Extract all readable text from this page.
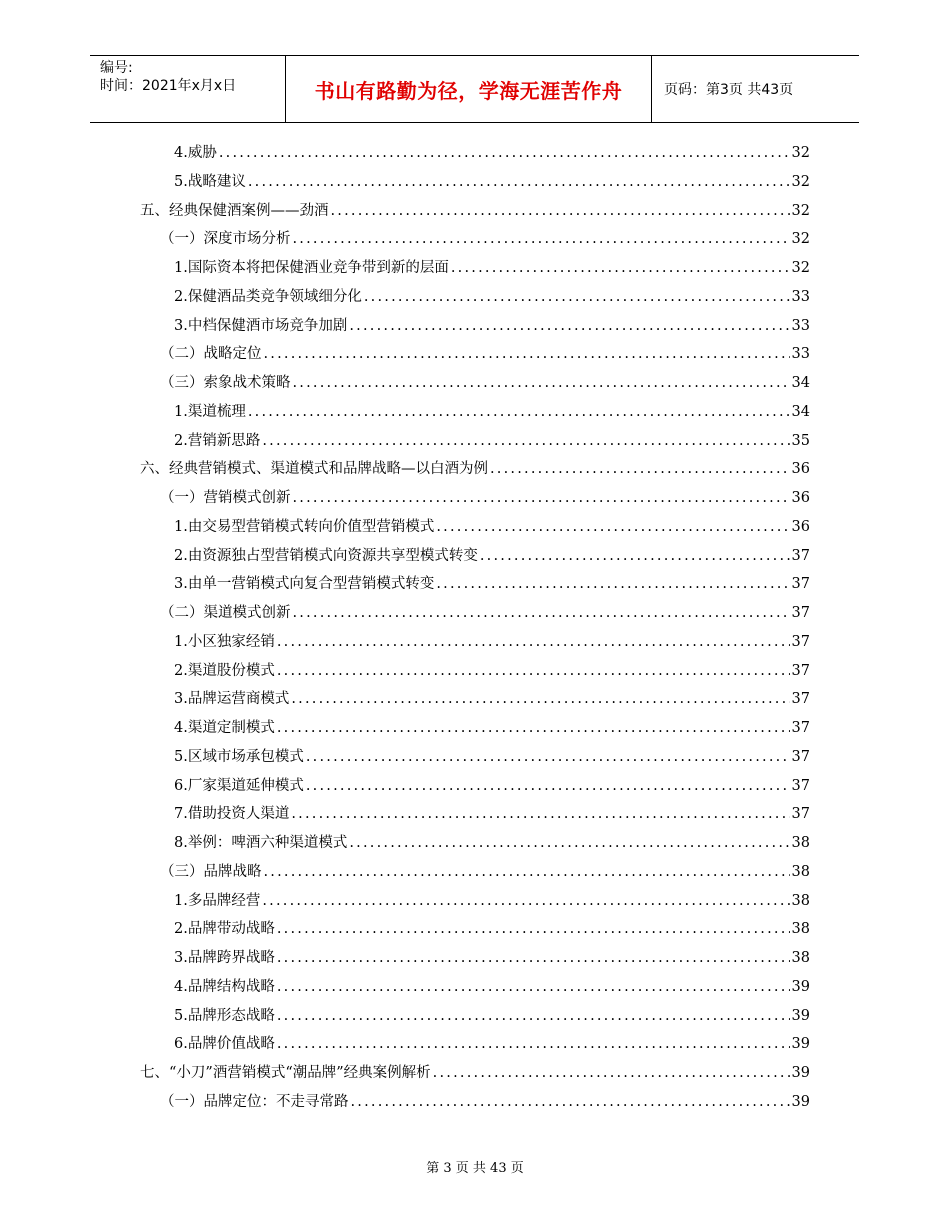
编号:
时间：2021年x月x日	书山有路勤为径，学海无涯苦作舟	页码：第3页 共43页
4.威胁 .....	32
5.战略建议 .....	32
五、经典保健酒案例——劲酒 .....	32
（一）深度市场分析 .....	32
1.国际资本将把保健酒业竞争带到新的层面 .....	32
2.保健酒品类竞争领域细分化 .....	33
3.中档保健酒市场竞争加剧 .....	33
（二）战略定位 .....	33
（三）索象战术策略 .....	34
1.渠道梳理 .....	34
2.营销新思路 .....	35
六、经典营销模式、渠道模式和品牌战略—以白酒为例 .....	36
（一）营销模式创新 .....	36
1.由交易型营销模式转向价值型营销模式 .....	36
2.由资源独占型营销模式向资源共享型模式转变 .....	37
3.由单一营销模式向复合型营销模式转变 .....	37
（二）渠道模式创新 .....	37
1.小区独家经销 .....	37
2.渠道股份模式 .....	37
3.品牌运营商模式 .....	37
4.渠道定制模式 .....	37
5.区域市场承包模式 .....	37
6.厂家渠道延伸模式 .....	37
7.借助投资人渠道 .....	37
8.举例：啤酒六种渠道模式 .....	38
（三）品牌战略 .....	38
1.多品牌经营 .....	38
2.品牌带动战略 .....	38
3.品牌跨界战略 .....	38
4.品牌结构战略 .....	39
5.品牌形态战略 .....	39
6.品牌价值战略 .....	39
七、“小刀”酒营销模式“潮品牌”经典案例解析 .....	39
（一）品牌定位：不走寻常路 .....	39
第 3 页 共 43 页
